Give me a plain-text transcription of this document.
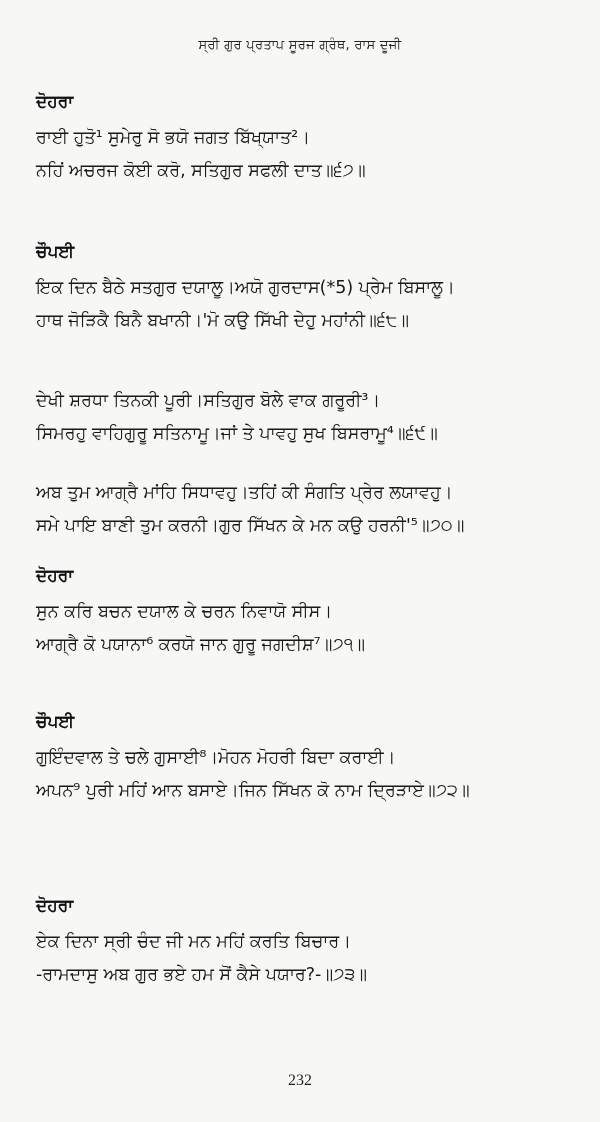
ਸ੍ਰੀ ਗੁਰ ਪ੍ਰਤਾਪ ਸੂਰਜ ਗ੍ਰੰਥ, ਰਾਸ ਦੂਜੀ
ਦੋਹਰਾ
ਰਾਈ ਹੁਤੋ¹ ਸੁਮੇਰੁ ਸੋ ਭਯੋ ਜਗਤ ਬਿੱਖ੍ਯਾਤ²।
ਨਹਿਂ ਅਚਰਜ ਕੋਈ ਕਰੋ, ਸਤਿਗੁਰ ਸਫਲੀ ਦਾਤ॥੬੭॥
ਚੌਪਈ
ਇਕ ਦਿਨ ਬੈਠੇ ਸਤਗੁਰ ਦਯਾਲੂ।ਅਯੋ ਗੁਰਦਾਸ(*5) ਪ੍ਰੇਮ ਬਿਸਾਲੂ।
ਹਾਥ ਜੋੜਿਕੈ ਬਿਨੈ ਬਖਾਨੀ।'ਮੋ ਕਉ ਸਿੱਖੀ ਦੇਹੁ ਮਹਾਂਨੀ॥੬੮॥
ਦੇਖੀ ਸ਼ਰਧਾ ਤਿਨਕੀ ਪੂਰੀ।ਸਤਿਗੁਰ ਬੋਲੇ ਵਾਕ ਗਰੂਰੀ³।
ਸਿਮਰਹੁ ਵਾਹਿਗੁਰੂ ਸਤਿਨਾਮੂ।ਜਾਂ ਤੇ ਪਾਵਹੁ ਸੁਖ ਬਿਸਰਾਮੂ⁴॥੬੯॥
ਅਬ ਤੁਮ ਆਗ੍ਰੈ ਮਾਂਹਿ ਸਿਧਾਵਹੁ।ਤਹਿਂ ਕੀ ਸੰਗਤਿ ਪ੍ਰੇਰ ਲਯਾਵਹੁ।
ਸਮੇ ਪਾਇ ਬਾਣੀ ਤੁਮ ਕਰਨੀ।ਗੁਰ ਸਿੱਖਨ ਕੇ ਮਨ ਕਉ ਹਰਨੀ'⁵॥੭੦॥
ਦੋਹਰਾ
ਸੁਨ ਕਰਿ ਬਚਨ ਦਯਾਲ ਕੇ ਚਰਨ ਨਿਵਾਯੋ ਸੀਸ।
ਆਗ੍ਰੈ ਕੋ ਪਯਾਨਾ⁶ ਕਰਯੋ ਜਾਨ ਗੁਰੂ ਜਗਦੀਸ਼⁷॥੭੧॥
ਚੌਪਈ
ਗੁਇੰਦਵਾਲ ਤੇ ਚਲੇ ਗੁਸਾਈ⁸।ਮੋਹਨ ਮੋਹਰੀ ਬਿਦਾ ਕਰਾਈ।
ਅਪਨ⁹ ਪੁਰੀ ਮਹਿਂ ਆਨ ਬਸਾਏ।ਜਿਨ ਸਿੱਖਨ ਕੋ ਨਾਮ ਦ੍ਰਿੜਾਏ॥੭੨॥
ਦੋਹਰਾ
ਏਕ ਦਿਨਾ ਸ੍ਰੀ ਚੰਦ ਜੀ ਮਨ ਮਹਿਂ ਕਰਤਿ ਬਿਚਾਰ।
-ਰਾਮਦਾਸੁ ਅਬ ਗੁਰ ਭਏ ਹਮ ਸੋਂ ਕੈਸੇ ਪਯਾਰ?-॥੭੩॥
232
